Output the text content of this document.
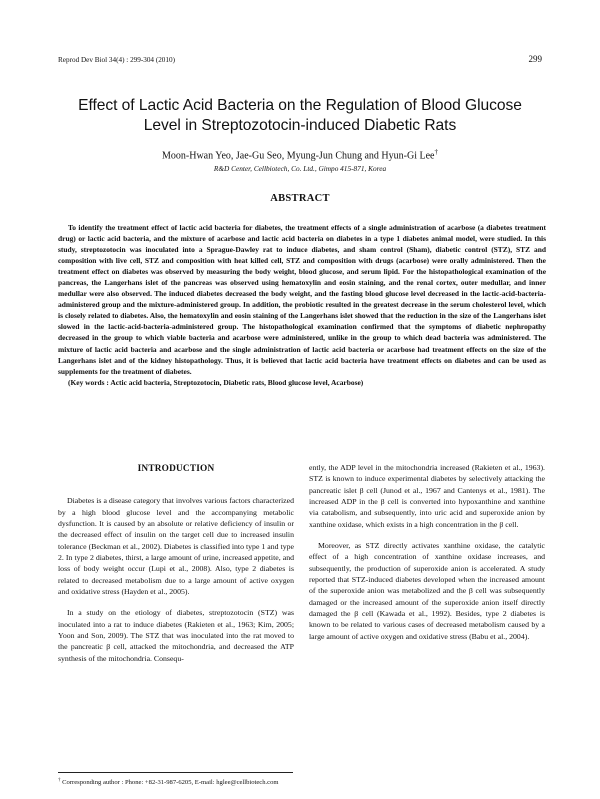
Reprod Dev Biol 34(4) : 299-304 (2010)	299
Effect of Lactic Acid Bacteria on the Regulation of Blood Glucose
Level in Streptozotocin-induced Diabetic Rats
Moon-Hwan Yeo, Jae-Gu Seo, Myung-Jun Chung and Hyun-Gi Lee†
R&D Center, Cellbiotech, Co. Ltd., Gimpo 415-871, Korea
ABSTRACT

To identify the treatment effect of lactic acid bacteria for diabetes, the treatment effects of a single administration of acarbose (a diabetes treatment drug) or lactic acid bacteria, and the mixture of acarbose and lactic acid bacteria on diabetes in a type 1 diabetes animal model, were studied. In this study, streptozotocin was inoculated into a Sprague-Dawley rat to induce diabetes, and sham control (Sham), diabetic control (STZ), STZ and composition with live cell, STZ and composition with heat killed cell, STZ and composition with drugs (acarbose) were orally administered. Then the treatment effect on diabetes was observed by measuring the body weight, blood glucose, and serum lipid. For the histopathological examination of the pancreas, the Langerhans islet of the pancreas was observed using hematoxylin and eosin staining, and the renal cortex, outer medullar, and inner medullar were also observed. The induced diabetes decreased the body weight, and the fasting blood glucose level decreased in the lactic-acid-bacteria-administered group and the mixture-administered group. In addition, the probiotic resulted in the greatest decrease in the serum cholesterol level, which is closely related to diabetes. Also, the hematoxylin and eosin staining of the Langerhans islet showed that the reduction in the size of the Langerhans islet slowed in the lactic-acid-bacteria-administered group. The histopathological examination confirmed that the symptoms of diabetic nephropathy decreased in the group to which viable bacteria and acarbose were administered, unlike in the group to which dead bacteria was administered. The mixture of lactic acid bacteria and acarbose and the single administration of lactic acid bacteria or acarbose had treatment effects on the size of the Langerhans islet and of the kidney histopathology. Thus, it is believed that lactic acid bacteria have treatment effects on diabetes and can be used as supplements for the treatment of diabetes.

(Key words : Actic acid bacteria, Streptozotocin, Diabetic rats, Blood glucose level, Acarbose)
INTRODUCTION

Diabetes is a disease category that involves various factors characterized by a high blood glucose level and the accompanying metabolic dysfunction. It is caused by an absolute or relative deficiency of insulin or the decreased effect of insulin on the target cell due to increased insulin tolerance (Beckman et al., 2002). Diabetes is classified into type 1 and type 2. In type 2 diabetes, thirst, a large amount of urine, increased appetite, and loss of body weight occur (Lupi et al., 2008). Also, type 2 diabetes is related to decreased metabolism due to a large amount of active oxygen and oxidative stress (Hayden et al., 2005).

In a study on the etiology of diabetes, streptozotocin (STZ) was inoculated into a rat to induce diabetes (Rakieten et al., 1963; Kim, 2005; Yoon and Son, 2009). The STZ that was inoculated into the rat moved to the pancreatic β cell, attacked the mitochondria, and decreased the ATP synthesis of the mitochondria. Consequ-

ently, the ADP level in the mitochondria increased (Rakieten et al., 1963). STZ is known to induce experimental diabetes by selectively attacking the pancreatic islet β cell (Junod et al., 1967 and Cantenys et al., 1981). The increased ADP in the β cell is converted into hypoxanthine and xanthine via catabolism, and subsequently, into uric acid and superoxide anion by xanthine oxidase, which exists in a high concentration in the β cell.

Moreover, as STZ directly activates xanthine oxidase, the catalytic effect of a high concentration of xanthine oxidase increases, and subsequently, the production of superoxide anion is accelerated. A study reported that STZ-induced diabetes developed when the increased amount of the superoxide anion was metabolized and the β cell was subsequently damaged or the increased amount of the superoxide anion itself directly damaged the β cell (Kawada et al., 1992). Besides, type 2 diabetes is known to be related to various cases of decreased metabolism caused by a large amount of active oxygen and oxidative stress (Babu et al., 2004).

† Corresponding author : Phone: +82-31-987-6205, E-mail: hglee@cellbiotech.com
